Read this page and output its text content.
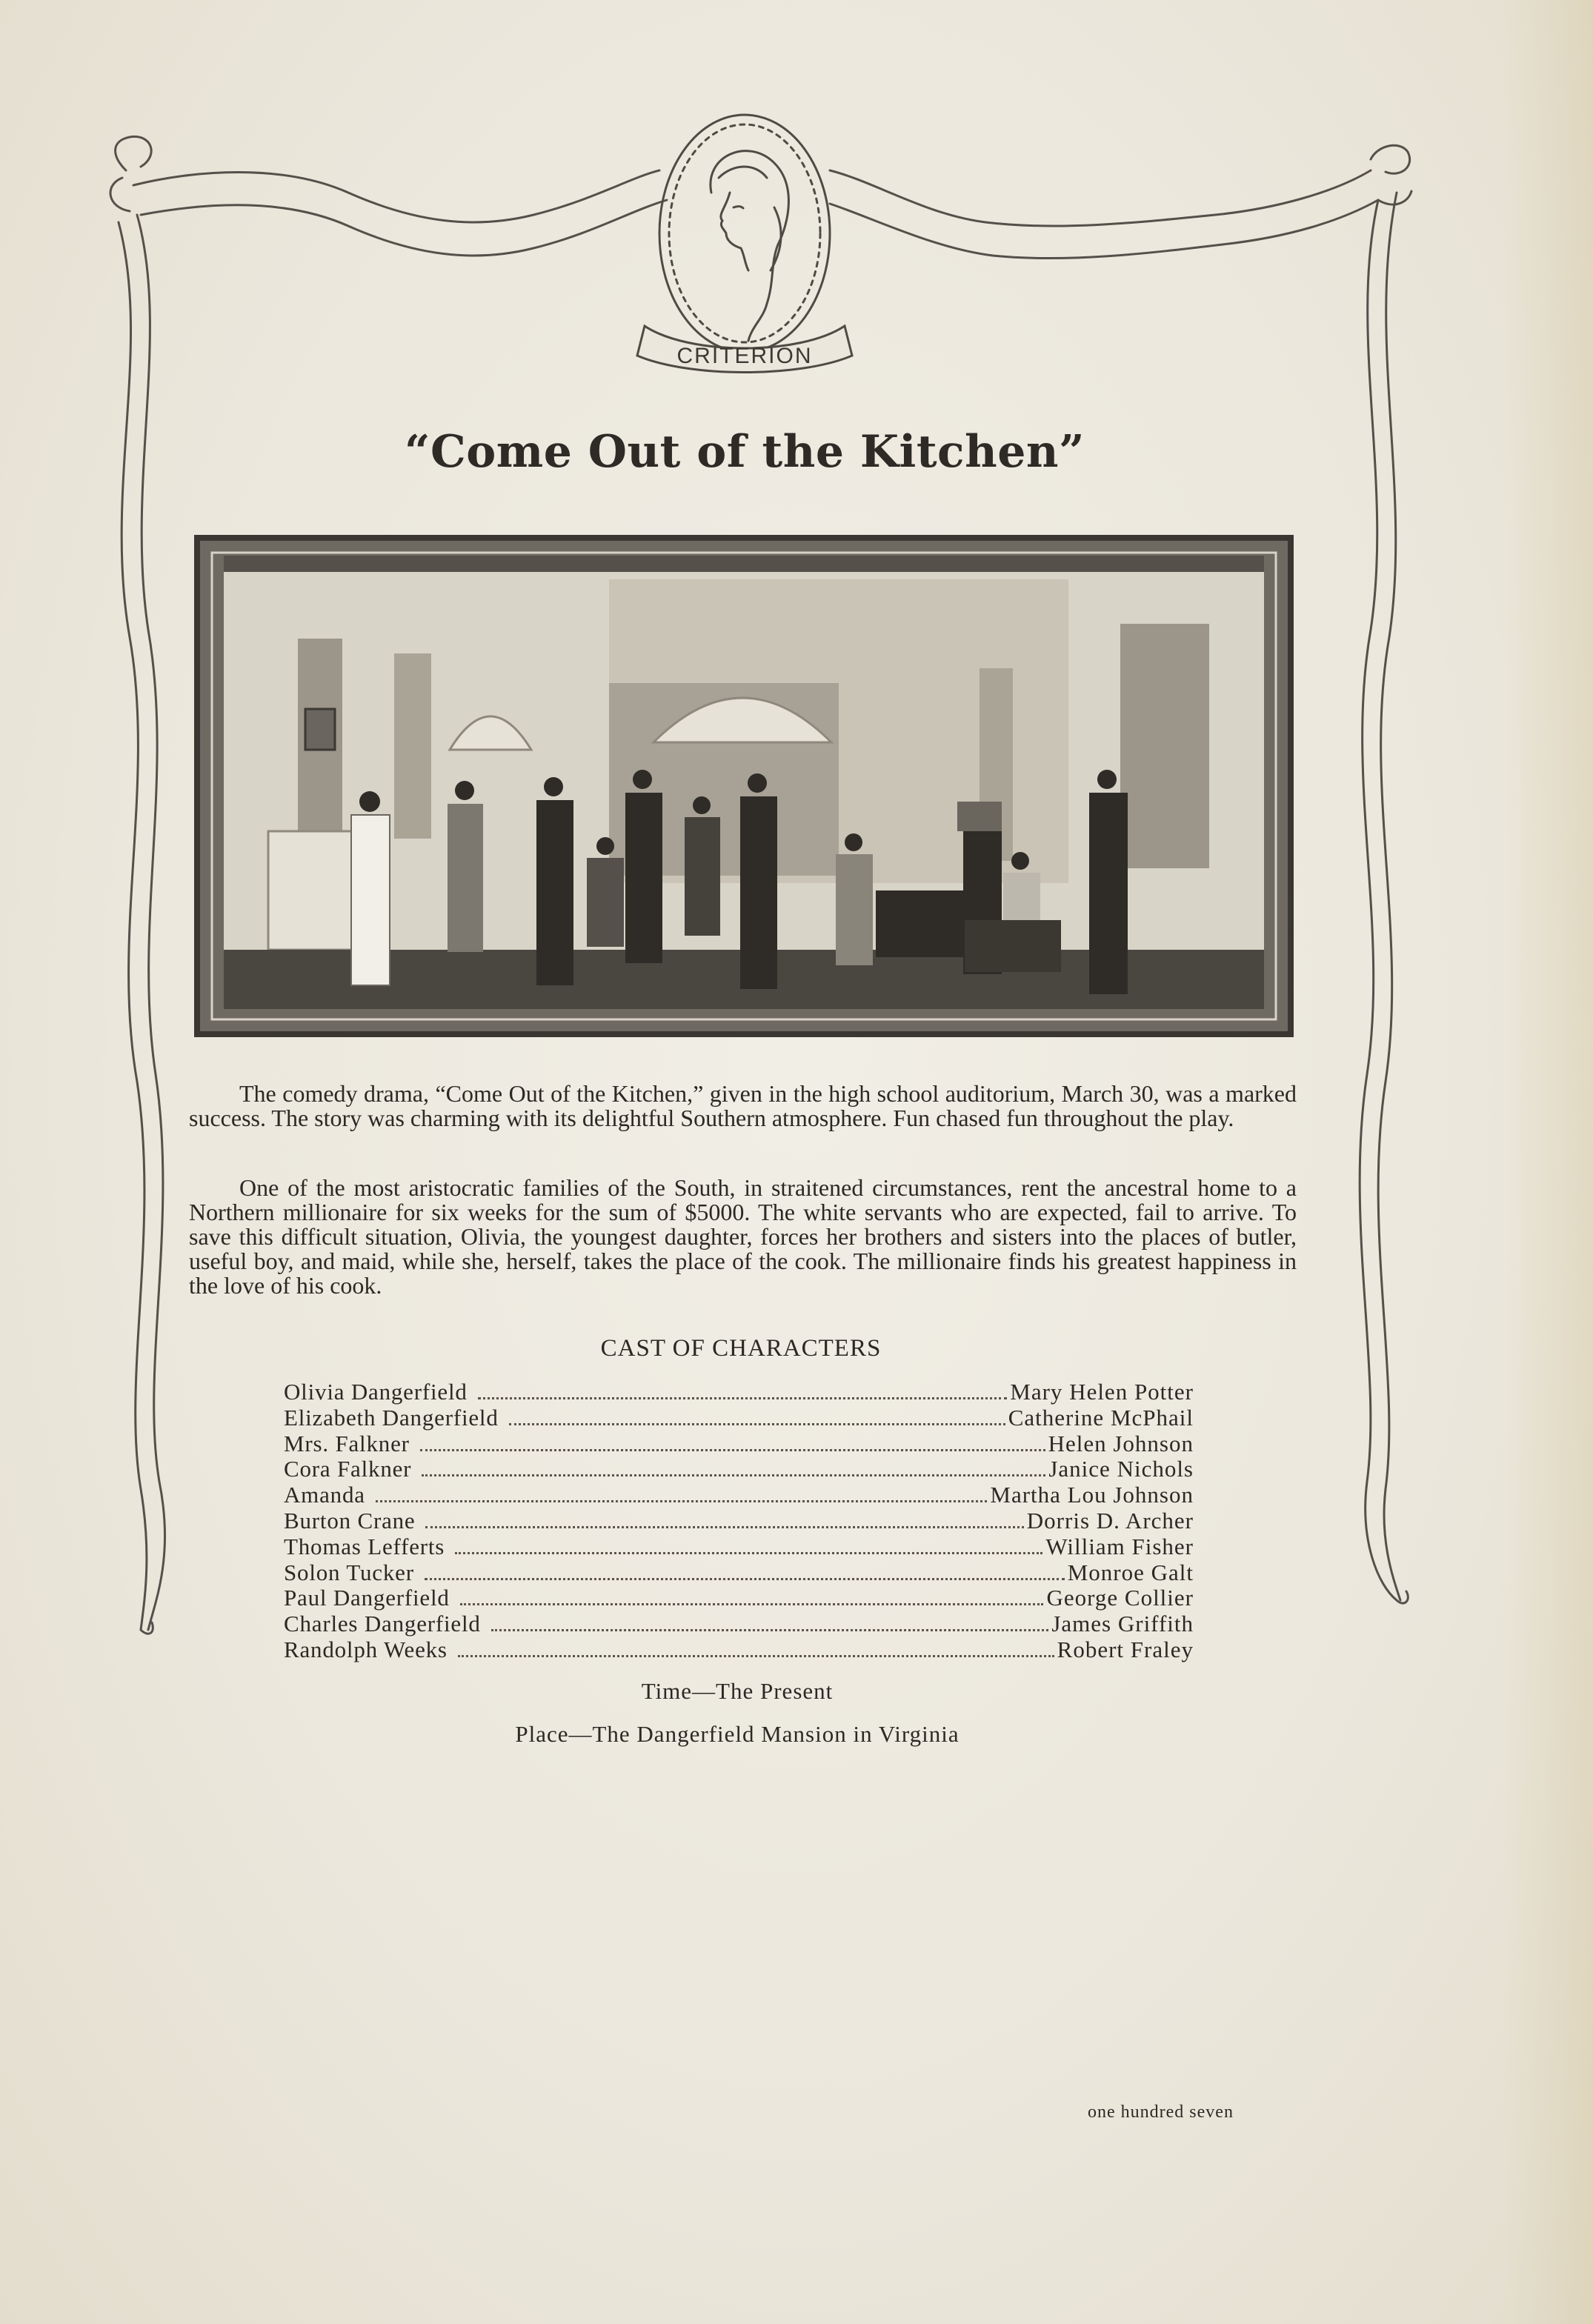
CRITERION
“Come Out of the Kitchen”
The comedy drama, “Come Out of the Kitchen,” given in the high school auditorium, March 30, was a marked success. The story was charming with its delightful Southern atmosphere. Fun chased fun throughout the play.
One of the most aristocratic families of the South, in straitened circumstances, rent the ancestral home to a Northern millionaire for six weeks for the sum of $5000. The white servants who are expected, fail to arrive. To save this difficult situation, Olivia, the youngest daughter, forces her brothers and sisters into the places of butler, useful boy, and maid, while she, herself, takes the place of the cook. The millionaire finds his greatest happiness in the love of his cook.
CAST OF CHARACTERS
Olivia Dangerfield	Mary Helen Potter
Elizabeth Dangerfield	Catherine McPhail
Mrs. Falkner	Helen Johnson
Cora Falkner	Janice Nichols
Amanda	Martha Lou Johnson
Burton Crane	Dorris D. Archer
Thomas Lefferts	William Fisher
Solon Tucker	Monroe Galt
Paul Dangerfield	George Collier
Charles Dangerfield	James Griffith
Randolph Weeks	Robert Fraley
Time—The Present
Place—The Dangerfield Mansion in Virginia
one hundred seven
